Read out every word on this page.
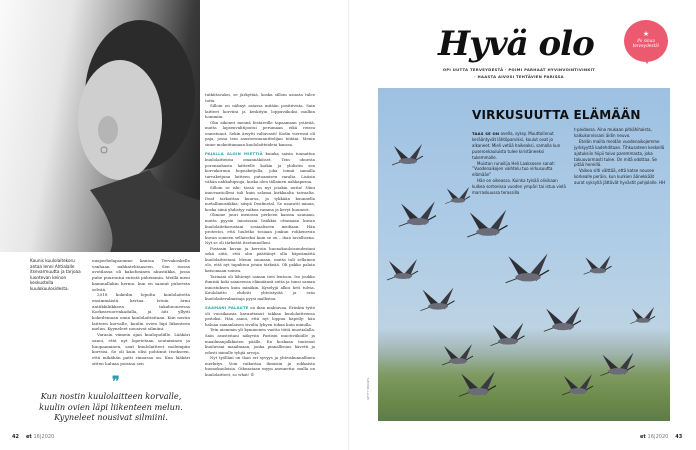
Kaunis kuulolaitekoru antaa lenni Ahtialalle itsevarmuutta ja tarjoaa luontevan keinon keskustella kuulokuulosidesta.

uusperhelapsemme kanssa Tervakoskelle vanhaan nahkatehtaaseen. Sen isossa avotilassa oli kakofoninen akustiikka, jossa puhe puuroutui entistä pahemmin. Meillä meni kammallakin hermo, kun en saanut puheesta selvää.

2018 kokeilin lopulta kuulolaitetta ensimmäistä kertaa. Istuin ärmi antiikkiliikkeen takahuoneessa Korkeavuorenkadulla, ja äiti yllytti kokeilemaan omia kuulolaitteitaan. Kun nostin laitteen korvalle, kuulin ovien läpi liikenteen melun. Kyyneleet nousivat silmiini.

Varasin viimein ajan kuulopoliille. Lääkäri sanoi, että nyt lopetetaan soutaminen ja huopaaminen, saat kuulolaitteet molempiin korviisi. Se oli kuin olisi pohtinut itsekseen, että mikähän patti rinnassa on. Kun lääkäri sitten haluaa poistaa sen

tutkittavaksi, se järkyttää, koska silloin asiasta tulee totta.

Silloin en nähnyt asiassa mitään positiivista. Sain laitteet korviini ja keskityin loppuviikoksi mulhin hommiin.

Olin aikonut mennä festareille tapaamaan ystävää, mutta lapsenvahtijoutui perumaan eikä reissu onnistunut. Sekin ärsytti valtavasti! Kodin vieressä oli paja, jossa tein asusteesuunnittelijan töitäni. Menin sinne mokeittamaan kuulolaitteideni kanssa.

PAJALLA ALOIN MIETTIÄ kuinka saisin tuunattua kuulolaitteista omannäköiset. Tein ohuesta poronnahasta laitteelle koikin ja yhdistin sen korvakoruun hopeaketjulla, joka toimii samalla turvaketjuna laitteen putoamisen varalta. Lisäsin vähän nahkahipsuja, koska olen tällainen nahkapirma.

Silloin se iski: tässä on nyt jotakin uutta! Nimi innovaatiolleni tuli kuin salama kirkkaalta taivaalta. Deaf tarkoittaa kuuroa, ja tykkään kuunnella metallimusiikkia: siispä Deafmetal. Se naurattí minua, koska siinä yhdistyy vaikea vamma ja kevyt huumori.

Olimme juuri menossa perheen kanssa saunaan, mutta pyysin innoissani lisäkkia ottamaan kuvan kuulolaitekorustani sosiaaliseen mediaan. Hän protestoi, että luuletko tosiaan jonkun rohkenevan kuvan someen sellaiseksi kuin se on – ihan tavallisena. Nyt se oli tärkeätä itsetunnolleni.

Postasin kuvan ja kerroin huonokuuloisuudestani sekä siitä, että olin päättänyt olla häpeämättä kuulolaitteitani. Menin saunaan, mutta tuli sellainen olo, että nyt tapahtuu jotain tärkeää. Oli pakko palata katsomaan somea.

Tarinani oli lähtenyt saman tien lentoon. Iso joukko ihmisiä koki saaneensa elämäänsä sutta ja tunsi saman innostuksen kuin minäkin. Kyselyjä alkoi heti tulvia. Kuulolaitto ehdotti yhteistyötä ja eräs kuulolaitevalmistaja pyysi mallistoa.

SAAMANI PALAUTE on ihan mahtavaa. Eräskin tyttö oli vuosikausia kavanttanut takkaa kuulolaitteensa peitoksi. Hän sanoi, että nyt loppuu häpeily: hän haluaa samanlaisen sivulta lyhyen tukan kuin minulla.

Tein aiemmin yli kymmenen vuotta töitä muotialalla. Sain asusteitani näkyviin Pariisin muotiviikoille ja maailmanjulkkisten päälle. En koskaan tuntenut kuuluvani maailmaan, jonka pinnallisuus hävetti ja edusti minulle tyhjiä arvoja.

Nyt työlläni on ihan eri syvyys ja yhteiskunnallinen merkitys. Voin vaikuttaa ihmisiin ja rohkaista huonokuuloisia. Oikeastaan myyn asennetta: mulla on kuulolaitteet, so what! ☺

❞
Kun nostin kuulolaitteen korvalle, kuulin ovien läpi liikenteen melun. Kyyneleet nousivat silmiini.
42 et 16|2020
Hyvä olo	★
Ihi sinua terveydestä!
OPI UUTTA TERVEYDESTÄ · POIMI PARHAAT HYVINVOINTIVINKIT
· HAASTA AIVOSI TEHTÄVIEN PARISSA
GETTY IMAGES
VIRKUSUUTTA ELÄMÄÄN

TAAS SE ON ovella, syksy. Muuttolinnut kerääntyvät lähtöparviksi, koulut ovat jo alkaneet. Mieli vetää haikeaksi, samalla kun puseronkauluista tulee kiristäneeksi tukemmalle.

Muistan runoilija Heli Laaksosen sanat: ”Vuodenaikojen vaihtelu tuo virkusuutta elämään”

Hän on oikeassa. Kuinka tylsää olisikaan kulkea sortseissa vuoden ympäri tai istua vielä marraskuussa terassilla

t-paidassa. Aina mukaan pitkähihaista, kalkukorvissani äidin neuvo.

Etelän mailla meidän vuodenaikojemme jyrkkyyttä kadehditaan. Tihkusateen keskellä ajatuksiin hiipii toivo paremmasta, joka takuuvarmasti tulee. On mitä odottaa. Se pitää hereillä.

Vaikea silti välttää, että katse nousee korkealle peräin, kun kurkien äänekkäät aurat syksyllä jättävät hyvästit pohjolalle. HH

et 16|2020 43
